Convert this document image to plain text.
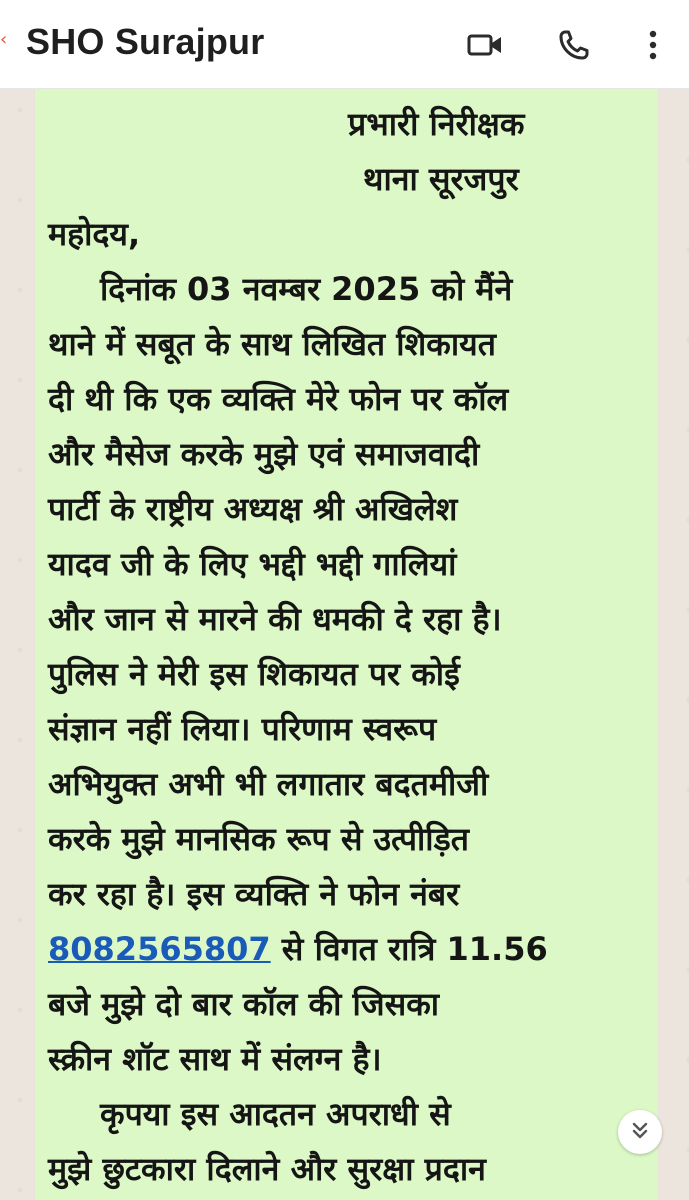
‹ SHO Surajpur
प्रभारी निरीक्षक
थाना सूरजपुर
महोदय,
दिनांक 03 नवम्बर 2025 को मैंने
थाने में सबूत के साथ लिखित शिकायत
दी थी कि एक व्यक्ति मेरे फोन पर कॉल
और मैसेज करके मुझे एवं समाजवादी
पार्टी के राष्ट्रीय अध्यक्ष श्री अखिलेश
यादव जी के लिए भद्दी भद्दी गालियां
और जान से मारने की धमकी दे रहा है।
पुलिस ने मेरी इस शिकायत पर कोई
संज्ञान नहीं लिया। परिणाम स्वरूप
अभियुक्त अभी भी लगातार बदतमीजी
करके मुझे मानसिक रूप से उत्पीड़ित
कर रहा है। इस व्यक्ति ने फोन नंबर
8082565807 से विगत रात्रि 11.56
बजे मुझे दो बार कॉल की जिसका
स्क्रीन शॉट साथ में संलग्न है।
कृपया इस आदतन अपराधी से
मुझे छुटकारा दिलाने और सुरक्षा प्रदान
